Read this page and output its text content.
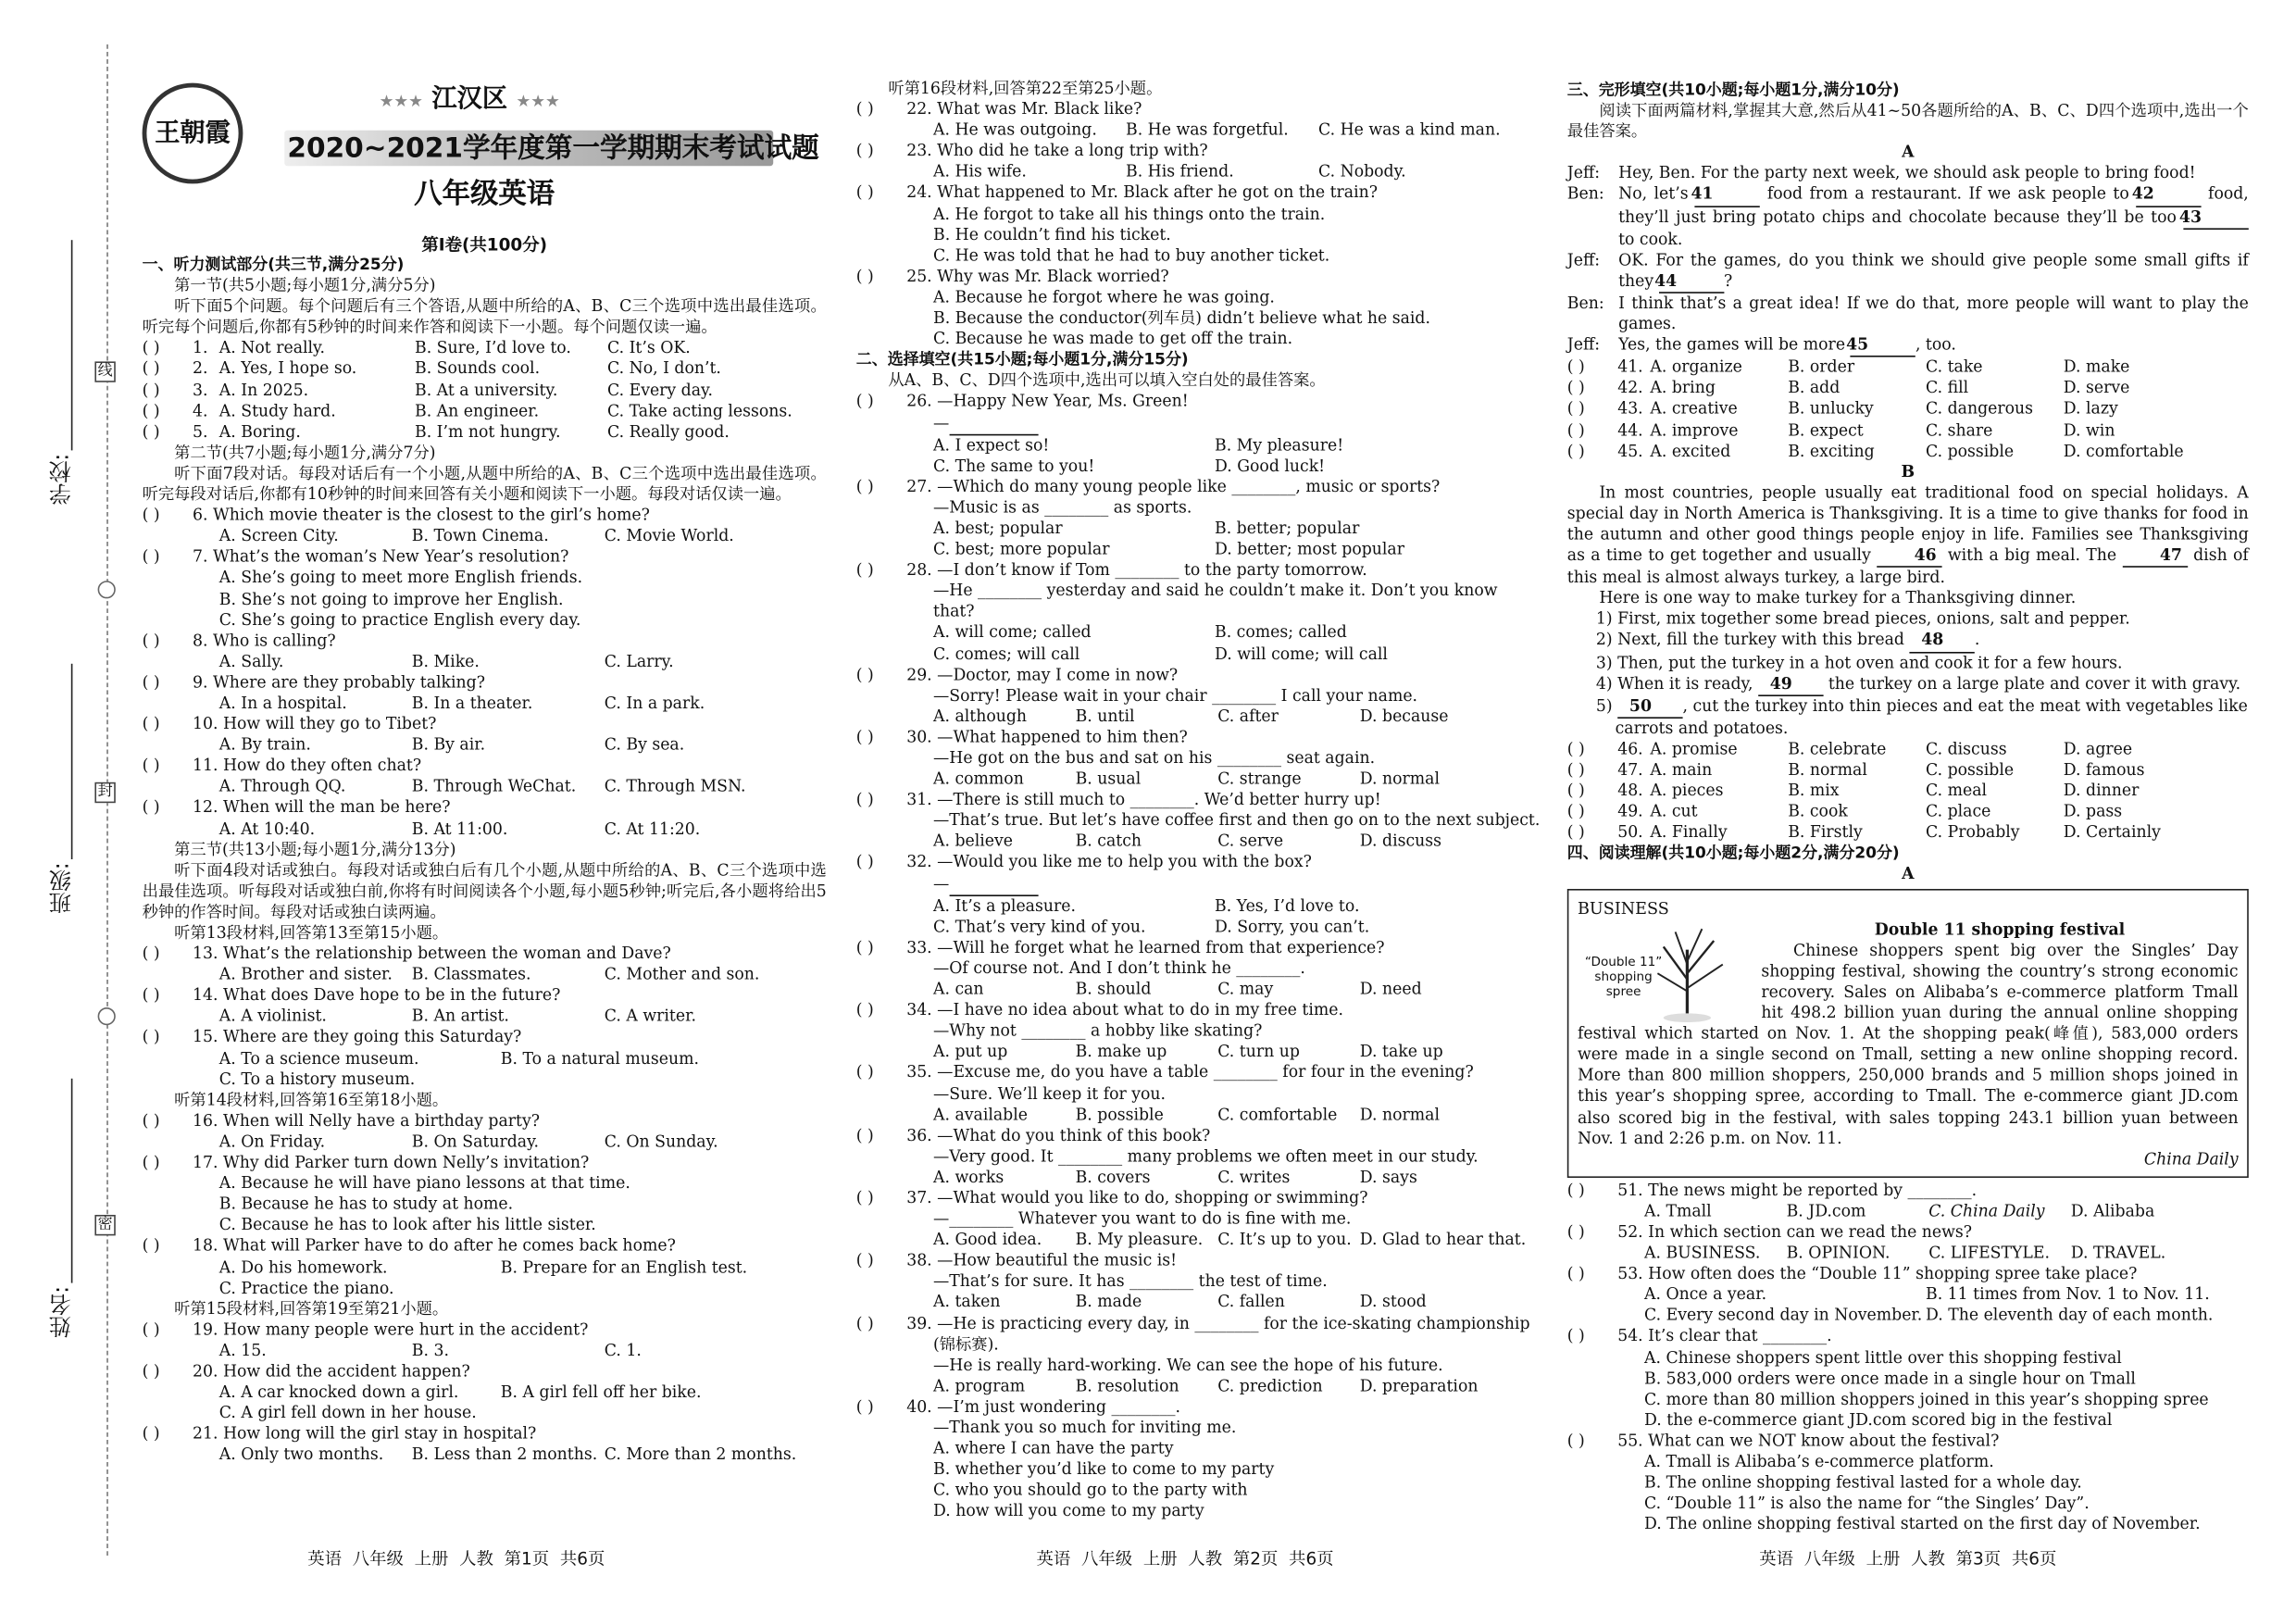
学校:
班级:
姓名:
线
封
密
王朝霞
★★★ 江汉区 ★★★
2020~2021学年度第一学期期末考试试题
八年级英语
第Ⅰ卷(共100分)
一、听力测试部分(共三节,满分25分)
第一节(共5小题;每小题1分,满分5分)
听下面5个问题。每个问题后有三个答语,从题中所给的A、B、C三个选项中选出最佳选项。听完每个问题后,你都有5秒钟的时间来作答和阅读下一小题。每个问题仅读一遍。
( )	1. A. Not really.	B. Sure, I’d love to.	C. It’s OK.
( )	2. A. Yes, I hope so.	B. Sounds cool.	C. No, I don’t.
( )	3. A. In 2025.	B. At a university.	C. Every day.
( )	4. A. Study hard.	B. An engineer.	C. Take acting lessons.
( )	5. A. Boring.	B. I’m not hungry.	C. Really good.
第二节(共7小题;每小题1分,满分7分)
听下面7段对话。每段对话后有一个小题,从题中所给的A、B、C三个选项中选出最佳选项。听完每段对话后,你都有10秒钟的时间来回答有关小题和阅读下一小题。每段对话仅读一遍。
( )	6. Which movie theater is the closest to the girl’s home?
A. Screen City.	B. Town Cinema.	C. Movie World.
( )	7. What’s the woman’s New Year’s resolution?
A. She’s going to meet more English friends.
B. She’s not going to improve her English.
C. She’s going to practice English every day.
( )	8. Who is calling?
A. Sally.	B. Mike.	C. Larry.
( )	9. Where are they probably talking?
A. In a hospital.	B. In a theater.	C. In a park.
( )	10. How will they go to Tibet?
A. By train.	B. By air.	C. By sea.
( )	11. How do they often chat?
A. Through QQ.	B. Through WeChat.	C. Through MSN.
( )	12. When will the man be here?
A. At 10:40.	B. At 11:00.	C. At 11:20.
第三节(共13小题;每小题1分,满分13分)
听下面4段对话或独白。每段对话或独白后有几个小题,从题中所给的A、B、C三个选项中选出最佳选项。听每段对话或独白前,你将有时间阅读各个小题,每小题5秒钟;听完后,各小题将给出5秒钟的作答时间。每段对话或独白读两遍。
听第13段材料,回答第13至第15小题。
( )	13. What’s the relationship between the woman and Dave?
A. Brother and sister.	B. Classmates.	C. Mother and son.
( )	14. What does Dave hope to be in the future?
A. A violinist.	B. An artist.	C. A writer.
( )	15. Where are they going this Saturday?
A. To a science museum.	B. To a natural museum.
C. To a history museum.
听第14段材料,回答第16至第18小题。
( )	16. When will Nelly have a birthday party?
A. On Friday.	B. On Saturday.	C. On Sunday.
( )	17. Why did Parker turn down Nelly’s invitation?
A. Because he will have piano lessons at that time.
B. Because he has to study at home.
C. Because he has to look after his little sister.
( )	18. What will Parker have to do after he comes back home?
A. Do his homework.	B. Prepare for an English test.
C. Practice the piano.
听第15段材料,回答第19至第21小题。
( )	19. How many people were hurt in the accident?
A. 15.	B. 3.	C. 1.
( )	20. How did the accident happen?
A. A car knocked down a girl.	B. A girl fell off her bike.
C. A girl fell down in her house.
( )	21. How long will the girl stay in hospital?
A. Only two months.	B. Less than 2 months. C. More than 2 months.
听第16段材料,回答第22至第25小题。
( )	22. What was Mr. Black like?
A. He was outgoing.	B. He was forgetful.	C. He was a kind man.
( )	23. Who did he take a long trip with?
A. His wife.	B. His friend.	C. Nobody.
( )	24. What happened to Mr. Black after he got on the train?
A. He forgot to take all his things onto the train.
B. He couldn’t find his ticket.
C. He was told that he had to buy another ticket.
( )	25. Why was Mr. Black worried?
A. Because he forgot where he was going.
B. Because the conductor(列车员) didn’t believe what he said.
C. Because he was made to get off the train.
二、选择填空(共15小题;每小题1分,满分15分)
从A、B、C、D四个选项中,选出可以填入空白处的最佳答案。
( )	26. —Happy New Year, Ms. Green!
—
A. I expect so!	B. My pleasure!
C. The same to you!	D. Good luck!
( )	27. —Which do many young people like ________, music or sports?
—Music is as ________ as sports.
A. best; popular	B. better; popular
C. best; more popular	D. better; most popular
( )	28. —I don’t know if Tom ________ to the party tomorrow.
—He ________ yesterday and said he couldn’t make it. Don’t you know
that?
A. will come; called	B. comes; called
C. comes; will call	D. will come; will call
( )	29. —Doctor, may I come in now?
—Sorry! Please wait in your chair ________ I call your name.
A. although	B. until	C. after	D. because
( )	30. —What happened to him then?
—He got on the bus and sat on his ________ seat again.
A. common	B. usual	C. strange	D. normal
( )	31. —There is still much to ________. We’d better hurry up!
—That’s true. But let’s have coffee first and then go on to the next subject.
A. believe	B. catch	C. serve	D. discuss
( )	32. —Would you like me to help you with the box?
—
A. It’s a pleasure.	B. Yes, I’d love to.
C. That’s very kind of you.	D. Sorry, you can’t.
( )	33. —Will he forget what he learned from that experience?
—Of course not. And I don’t think he ________.
A. can	B. should	C. may	D. need
( )	34. —I have no idea about what to do in my free time.
—Why not ________ a hobby like skating?
A. put up	B. make up	C. turn up	D. take up
( )	35. —Excuse me, do you have a table ________ for four in the evening?
—Sure. We’ll keep it for you.
A. available	B. possible	C. comfortable	D. normal
( )	36. —What do you think of this book?
—Very good. It ________ many problems we often meet in our study.
A. works	B. covers	C. writes	D. says
( )	37. —What would you like to do, shopping or swimming?
—________ Whatever you want to do is fine with me.
A. Good idea.	B. My pleasure.	C. It’s up to you. D. Glad to hear that.
( )	38. —How beautiful the music is!
—That’s for sure. It has ________ the test of time.
A. taken	B. made	C. fallen	D. stood
( )	39. —He is practicing every day, in ________ for the ice-skating championship
(锦标赛).
—He is really hard-working. We can see the hope of his future.
A. program	B. resolution	C. prediction	D. preparation
( )	40. —I’m just wondering ________.
—Thank you so much for inviting me.
A. where I can have the party
B. whether you’d like to come to my party
C. who you should go to the party with
D. how will you come to my party
三、完形填空(共10小题;每小题1分,满分10分)
阅读下面两篇材料,掌握其大意,然后从41~50各题所给的A、B、C、D四个选项中,选出一个最佳答案。
A
Jeff: Hey, Ben. For the party next week, we should ask people to bring food!
Ben: No, let’s 41	food from a restaurant. If we ask people to 42	food, they’ll just bring potato chips and chocolate because they’ll be too 43 to cook.
Jeff: OK. For the games, do you think we should give people some small gifts if they 44	?
Ben: I think that’s a great idea! If we do that, more people will want to play the games.
Jeff: Yes, the games will be more 45	, too.
( )	41. A. organize	B. order	C. take	D. make
( )	42. A. bring	B. add	C. fill	D. serve
( )	43. A. creative	B. unlucky	C. dangerous	D. lazy
( )	44. A. improve	B. expect	C. share	D. win
( )	45. A. excited	B. exciting	C. possible	D. comfortable
B
In most countries, people usually eat traditional food on special holidays. A special day in North America is Thanksgiving. It is a time to give thanks for food in the autumn and other good things people enjoy in life. Families see Thanksgiving as a time to get together and usually	46 with a big meal. The	47 dish of this meal is almost always turkey, a large bird.
Here is one way to make turkey for a Thanksgiving dinner.
1) First, mix together some bread pieces, onions, salt and pepper.
2) Next, fill the turkey with this bread 48	.
3) Then, put the turkey in a hot oven and cook it for a few hours.
4) When it is ready, 49	the turkey on a large plate and cover it with gravy.
5) 50	, cut the turkey into thin pieces and eat the meat with vegetables like carrots and potatoes.
( )	46. A. promise	B. celebrate	C. discuss	D. agree
( )	47. A. main	B. normal	C. possible	D. famous
( )	48. A. pieces	B. mix	C. meal	D. dinner
( )	49. A. cut	B. cook	C. place	D. pass
( )	50. A. Finally	B. Firstly	C. Probably	D. Certainly
四、阅读理解(共10小题;每小题2分,满分20分)
A
BUSINESS
“Double 11” shopping spree
Double 11 shopping festival
Chinese shoppers spent big over the Singles’ Day shopping festival, showing the country’s strong economic recovery. Sales on Alibaba’s e-commerce platform Tmall hit 498.2 billion yuan during the annual online shopping festival which started on Nov. 1. At the shopping peak(峰值), 583,000 orders were made in a single second on Tmall, setting a new online shopping record. More than 800 million shoppers, 250,000 brands and 5 million shops joined in this year’s shopping spree, according to Tmall. The e-commerce giant JD.com also scored big in the festival, with sales topping 243.1 billion yuan between Nov. 1 and 2:26 p.m. on Nov. 11.
China Daily
( )	51. The news might be reported by ________.
A. Tmall	B. JD.com	C. China Daily	D. Alibaba
( )	52. In which section can we read the news?
A. BUSINESS.	B. OPINION.	C. LIFESTYLE.	D. TRAVEL.
( )	53. How often does the “Double 11” shopping spree take place?
A. Once a year.	B. 11 times from Nov. 1 to Nov. 11.
C. Every second day in November. D. The eleventh day of each month.
( )	54. It’s clear that ________.
A. Chinese shoppers spent little over this shopping festival
B. 583,000 orders were once made in a single hour on Tmall
C. more than 80 million shoppers joined in this year’s shopping spree
D. the e-commerce giant JD.com scored big in the festival
( )	55. What can we NOT know about the festival?
A. Tmall is Alibaba’s e-commerce platform.
B. The online shopping festival lasted for a whole day.
C. “Double 11” is also the name for “the Singles’ Day”.
D. The online shopping festival started on the first day of November.
英语  八年级  上册  人教  第1页  共6页	英语  八年级  上册  人教  第2页  共6页	英语  八年级  上册  人教  第3页  共6页
